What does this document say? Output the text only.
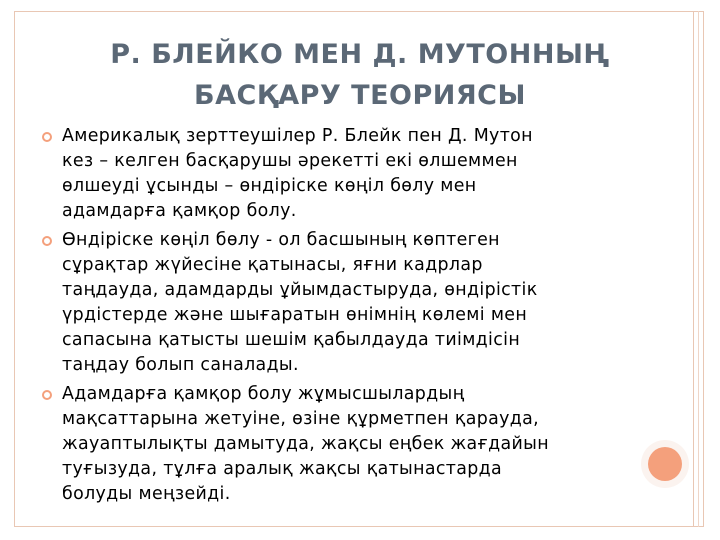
Р. БЛЕЙКО МЕН Д. МУТОННЫҢ
БАСҚАРУ ТЕОРИЯСЫ
Америкалық зерттеушілер Р. Блейк пен Д. Мутон
кез – келген басқарушы әрекетті екі өлшеммен
өлшеуді ұсынды – өндіріске көңіл бөлу мен
адамдарға қамқор болу.
Өндіріске көңіл бөлу - ол басшының көптеген
сұрақтар жүйесіне қатынасы, яғни кадрлар
таңдауда, адамдарды ұйымдастыруда, өндірістік
үрдістерде және шығаратын өнімнің көлемі мен
сапасына қатысты шешім қабылдауда тиімдісін
таңдау болып саналады.
Адамдарға қамқор болу жұмысшылардың
мақсаттарына жетуіне, өзіне құрметпен қарауда,
жауаптылықты дамытуда, жақсы еңбек жағдайын
туғызуда, тұлға аралық жақсы қатынастарда
болуды меңзейді.
